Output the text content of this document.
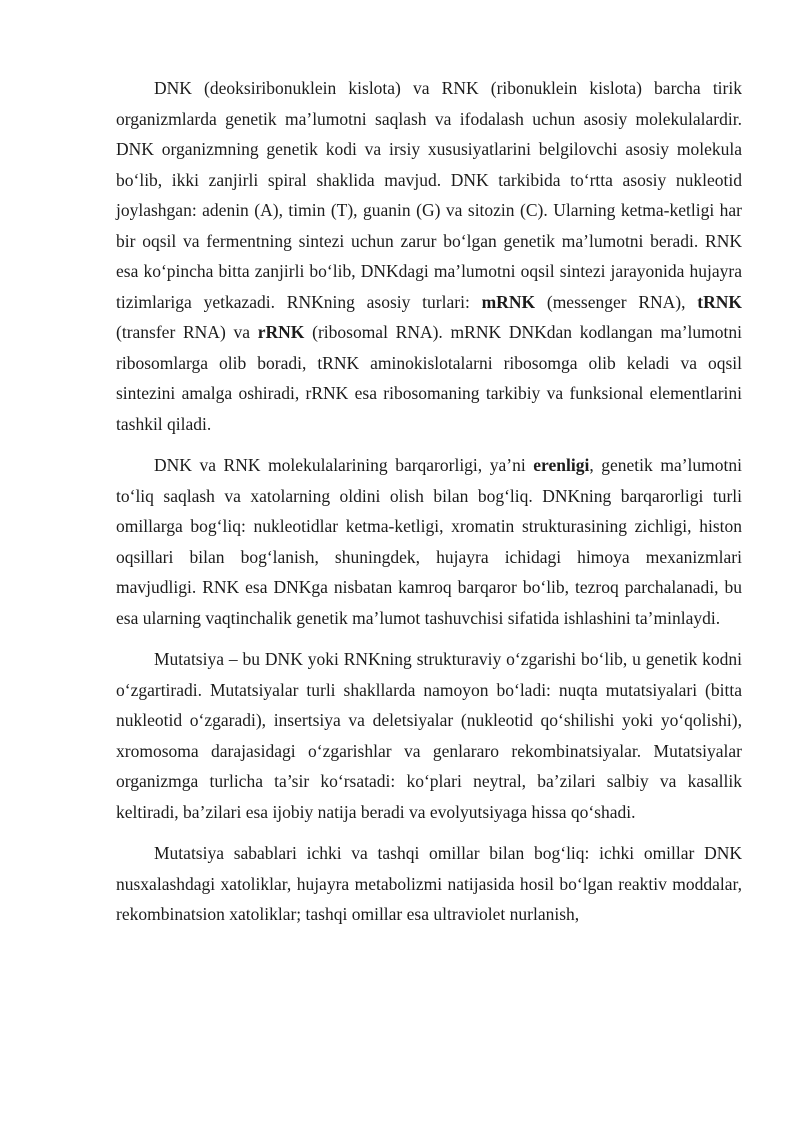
DNK (deoksiribonuklein kislota) va RNK (ribonuklein kislota) barcha tirik organizmlarda genetik ma’lumotni saqlash va ifodalash uchun asosiy molekulalardir. DNK organizmning genetik kodi va irsiy xususiyatlarini belgilovchi asosiy molekula bo‘lib, ikki zanjirli spiral shaklida mavjud. DNK tarkibida to‘rtta asosiy nukleotid joylashgan: adenin (A), timin (T), guanin (G) va sitozin (C). Ularning ketma-ketligi har bir oqsil va fermentning sintezi uchun zarur bo‘lgan genetik ma’lumotni beradi. RNK esa ko‘pincha bitta zanjirli bo‘lib, DNKdagi ma’lumotni oqsil sintezi jarayonida hujayra tizimlariga yetkazadi. RNKning asosiy turlari: mRNK (messenger RNA), tRNK (transfer RNA) va rRNK (ribosomal RNA). mRNK DNKdan kodlangan ma’lumotni ribosomlarga olib boradi, tRNK aminokislotalarni ribosomga olib keladi va oqsil sintezini amalga oshiradi, rRNK esa ribosomaning tarkibiy va funksional elementlarini tashkil qiladi.

DNK va RNK molekulalarining barqarorligi, ya’ni erenligi, genetik ma’lumotni to‘liq saqlash va xatolarning oldini olish bilan bog‘liq. DNKning barqarorligi turli omillarga bog‘liq: nukleotidlar ketma-ketligi, xromatin strukturasining zichligi, histon oqsillari bilan bog‘lanish, shuningdek, hujayra ichidagi himoya mexanizmlari mavjudligi. RNK esa DNKga nisbatan kamroq barqaror bo‘lib, tezroq parchalanadi, bu esa ularning vaqtinchalik genetik ma’lumot tashuvchisi sifatida ishlashini ta’minlaydi.

Mutatsiya – bu DNK yoki RNKning strukturaviy o‘zgarishi bo‘lib, u genetik kodni o‘zgartiradi. Mutatsiyalar turli shakllarda namoyon bo‘ladi: nuqta mutatsiyalari (bitta nukleotid o‘zgaradi), insertsiya va deletsiyalar (nukleotid qo‘shilishi yoki yo‘qolishi), xromosoma darajasidagi o‘zgarishlar va genlararo rekombinatsiyalar. Mutatsiyalar organizmga turlicha ta’sir ko‘rsatadi: ko‘plari neytral, ba’zilari salbiy va kasallik keltiradi, ba’zilari esa ijobiy natija beradi va evolyutsiyaga hissa qo‘shadi.

Mutatsiya sabablari ichki va tashqi omillar bilan bog‘liq: ichki omillar DNK nusxalashdagi xatoliklar, hujayra metabolizmi natijasida hosil bo‘lgan reaktiv moddalar, rekombinatsion xatoliklar; tashqi omillar esa ultraviolet nurlanish,
